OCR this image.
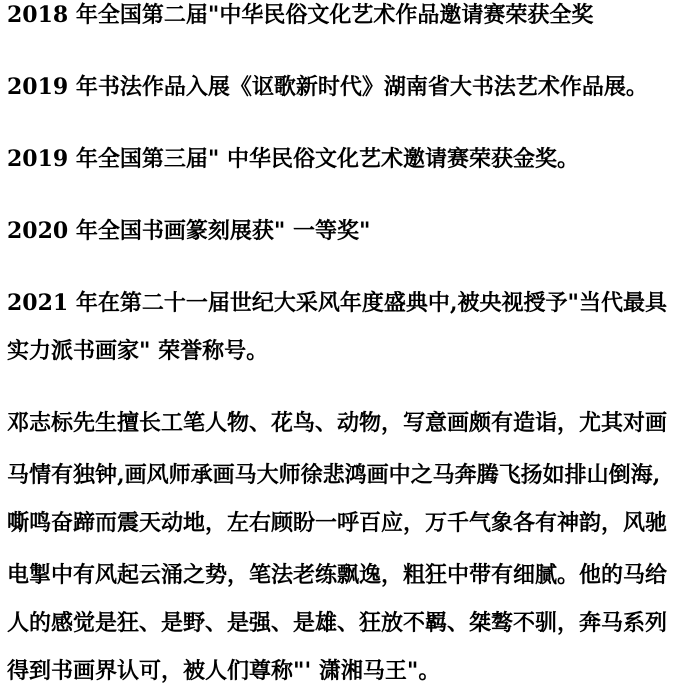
2018 年全国第二届"中华民俗文化艺术作品邀请赛荣获全奖
2019 年书法作品入展《讴歌新时代》湖南省大书法艺术作品展。
2019 年全国第三届" 中华民俗文化艺术邀请赛荣获金奖。
2020 年全国书画篆刻展获" 一等奖"
2021 年在第二十一届世纪大采风年度盛典中,被央视授予"当代最具
实力派书画家" 荣誉称号。
邓志标先生擅长工笔人物、花鸟、动物，写意画颇有造诣，尤其对画
马情有独钟,画风师承画马大师徐悲鸿画中之马奔腾飞扬如排山倒海,
嘶鸣奋蹄而震天动地，左右顾盼一呼百应，万千气象各有神韵，风驰
电掣中有风起云涌之势，笔法老练飘逸，粗狂中带有细腻。他的马给
人的感觉是狂、是野、是强、是雄、狂放不羁、桀骜不驯，奔马系列
得到书画界认可，被人们尊称"' 潇湘马王"。
